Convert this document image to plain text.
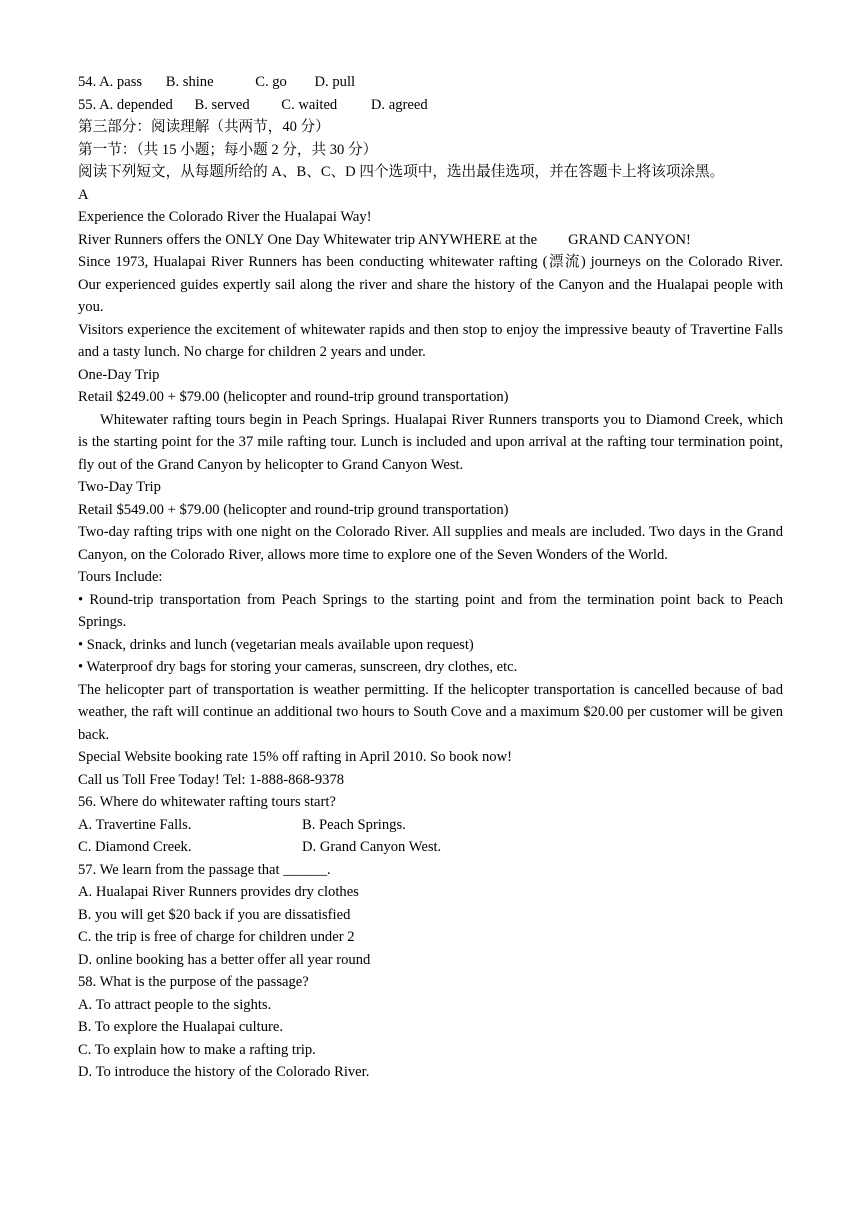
54. A. pass B. shine	C. go D. pull
55. A. depended B. served C. waited D. agreed
第三部分：阅读理解（共两节，40 分）
第一节：（共 15 小题；每小题 2 分，共 30 分）
阅读下列短文，从每题所给的 A、B、C、D 四个选项中，选出最佳选项，并在答题卡上将该项涂黑。
A
Experience the Colorado River the Hualapai Way!
River Runners offers the ONLY One Day Whitewater trip ANYWHERE at the GRAND CANYON!
Since 1973, Hualapai River Runners has been conducting whitewater rafting (漂流) journeys on the Colorado River. Our experienced guides expertly sail along the river and share the history of the Canyon and the Hualapai people with you.
Visitors experience the excitement of whitewater rapids and then stop to enjoy the impressive beauty of Travertine Falls and a tasty lunch. No charge for children 2 years and under.
One-Day Trip
Retail $249.00 + $79.00 (helicopter and round-trip ground transportation)
Whitewater rafting tours begin in Peach Springs. Hualapai River Runners transports you to Diamond Creek, which is the starting point for the 37 mile rafting tour. Lunch is included and upon arrival at the rafting tour termination point, fly out of the Grand Canyon by helicopter to Grand Canyon West.
Two-Day Trip
Retail $549.00 + $79.00 (helicopter and round-trip ground transportation)
Two-day rafting trips with one night on the Colorado River. All supplies and meals are included. Two days in the Grand Canyon, on the Colorado River, allows more time to explore one of the Seven Wonders of the World.
Tours Include:
• Round-trip transportation from Peach Springs to the starting point and from the termination point back to Peach Springs.
• Snack, drinks and lunch (vegetarian meals available upon request)
• Waterproof dry bags for storing your cameras, sunscreen, dry clothes, etc.
The helicopter part of transportation is weather permitting. If the helicopter transportation is cancelled because of bad weather, the raft will continue an additional two hours to South Cove and a maximum $20.00 per customer will be given back.
Special Website booking rate 15% off rafting in April 2010. So book now!
Call us Toll Free Today! Tel: 1-888-868-9378
56. Where do whitewater rafting tours start?
A. Travertine Falls.	B. Peach Springs.
C. Diamond Creek.	D. Grand Canyon West.
57. We learn from the passage that ______.
A. Hualapai River Runners provides dry clothes
B. you will get $20 back if you are dissatisfied
C. the trip is free of charge for children under 2
D. online booking has a better offer all year round
58. What is the purpose of the passage?
A. To attract people to the sights.
B. To explore the Hualapai culture.
C. To explain how to make a rafting trip.
D. To introduce the history of the Colorado River.
